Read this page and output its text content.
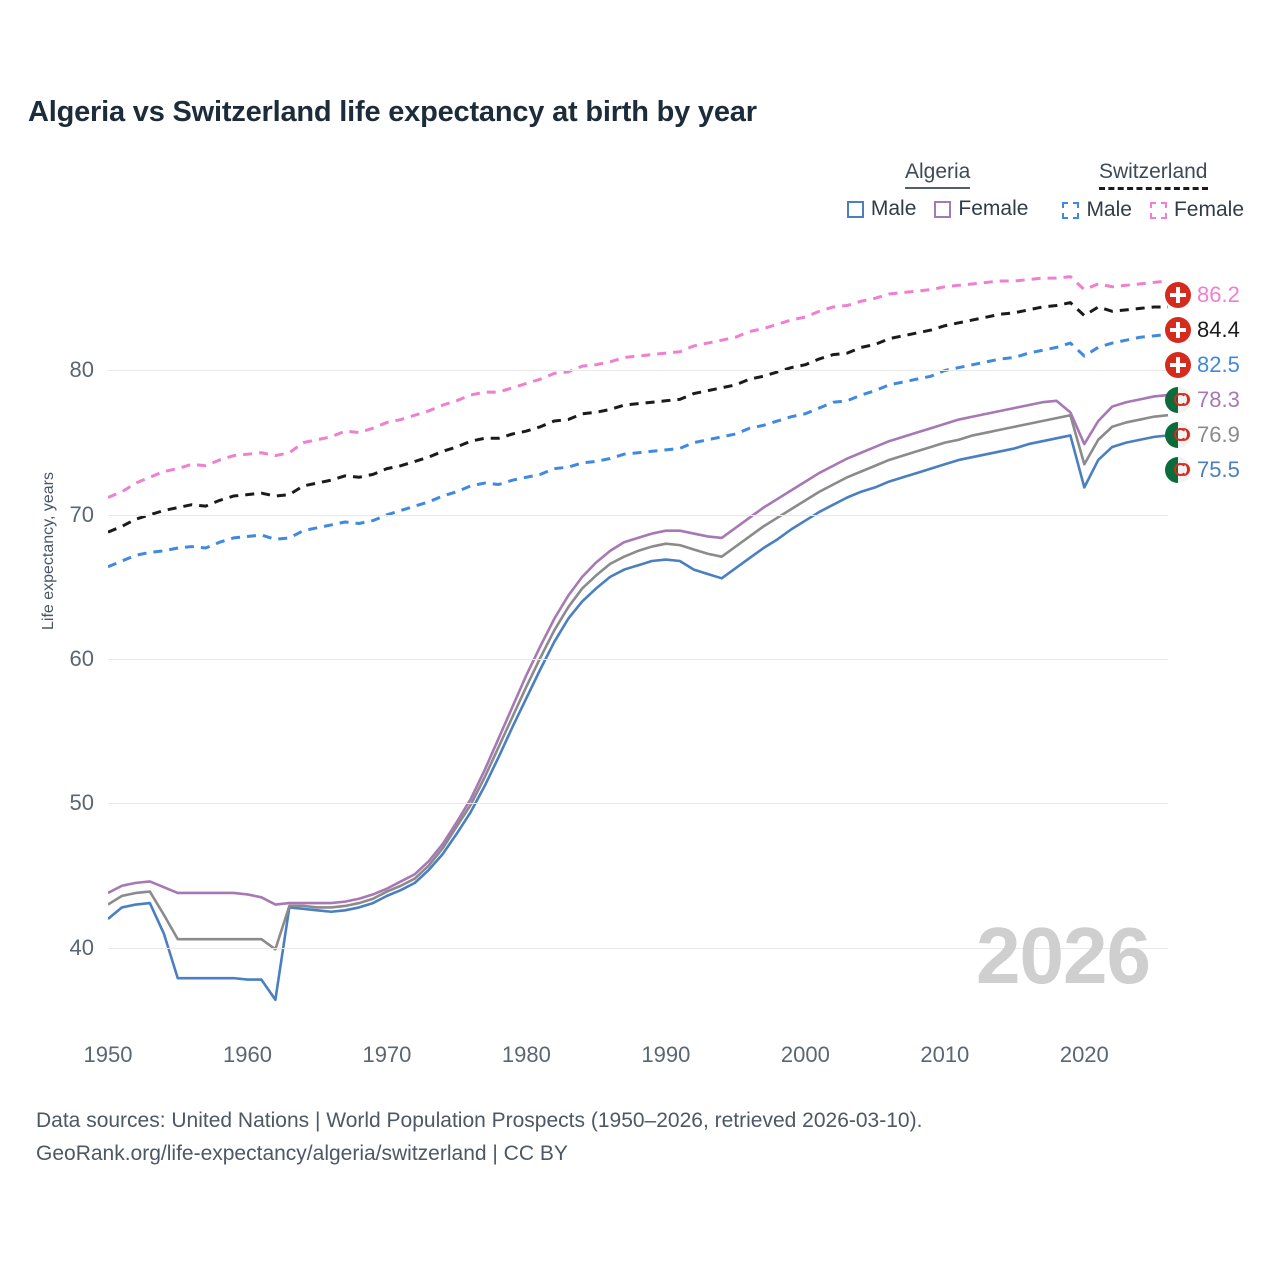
Algeria vs Switzerland life expectancy at birth by year
Algeria
Male Female
Switzerland
Male Female
Life expectancy, years
40
50
60
70
80
1950	1960	1970	1980	1990	2000	2010	2020
2026
86.2
84.4
82.5
78.3
76.9
75.5
Data sources: United Nations | World Population Prospects (1950–2026, retrieved 2026-03-10).
GeoRank.org/life-expectancy/algeria/switzerland | CC BY
